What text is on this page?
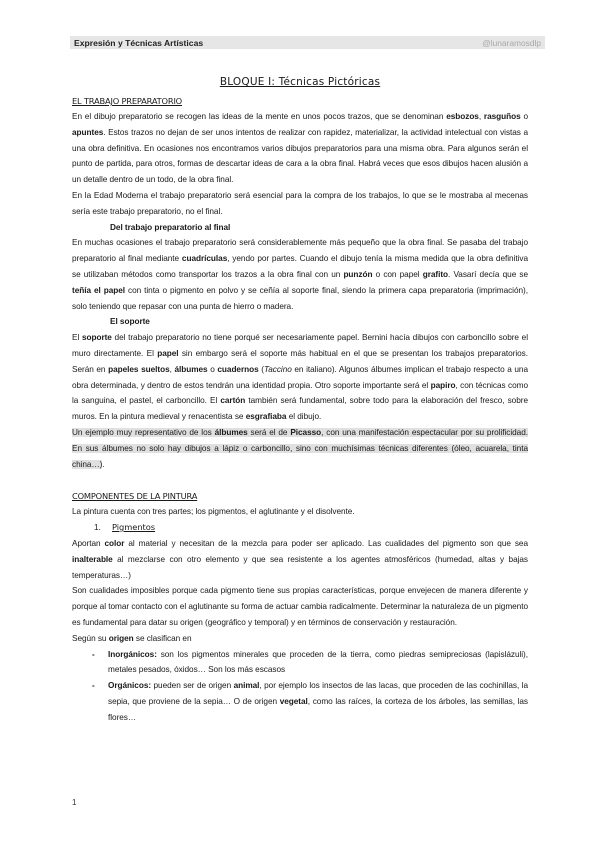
Expresión y Técnicas Artísticas	@lunaramosdlp
BLOQUE I: Técnicas Pictóricas
EL TRABAJO PREPARATORIO

En el dibujo preparatorio se recogen las ideas de la mente en unos pocos trazos, que se denominan esbozos, rasguños o apuntes. Estos trazos no dejan de ser unos intentos de realizar con rapidez, materializar, la actividad intelectual con vistas a una obra definitiva. En ocasiones nos encontramos varios dibujos preparatorios para una misma obra. Para algunos serán el punto de partida, para otros, formas de descartar ideas de cara a la obra final. Habrá veces que esos dibujos hacen alusión a un detalle dentro de un todo, de la obra final.

En la Edad Moderna el trabajo preparatorio será esencial para la compra de los trabajos, lo que se le mostraba al mecenas sería este trabajo preparatorio, no el final.

Del trabajo preparatorio al final

En muchas ocasiones el trabajo preparatorio será considerablemente más pequeño que la obra final. Se pasaba del trabajo preparatorio al final mediante cuadrículas, yendo por partes. Cuando el dibujo tenía la misma medida que la obra definitiva se utilizaban métodos como transportar los trazos a la obra final con un punzón o con papel grafito. Vasarí decía que se teñía el papel con tinta o pigmento en polvo y se ceñía al soporte final, siendo la primera capa preparatoria (imprimación), solo teniendo que repasar con una punta de hierro o madera.

El soporte

El soporte del trabajo preparatorio no tiene porqué ser necesariamente papel. Bernini hacía dibujos con carboncillo sobre el muro directamente. El papel sin embargo será el soporte más habitual en el que se presentan los trabajos preparatorios. Serán en papeles sueltos, álbumes o cuadernos (Taccino en italiano). Algunos álbumes implican el trabajo respecto a una obra determinada, y dentro de estos tendrán una identidad propia. Otro soporte importante será el papiro, con técnicas como la sanguina, el pastel, el carboncillo. El cartón también será fundamental, sobre todo para la elaboración del fresco, sobre muros. En la pintura medieval y renacentista se esgrafiaba el dibujo.

Un ejemplo muy representativo de los álbumes será el de Picasso, con una manifestación espectacular por su prolificidad. En sus álbumes no solo hay dibujos a lápiz o carboncillo, sino con muchísimas técnicas diferentes (óleo, acuarela, tinta china…).

COMPONENTES DE LA PINTURA

La pintura cuenta con tres partes; los pigmentos, el aglutinante y el disolvente.

1. Pigmentos

Aportan color al material y necesitan de la mezcla para poder ser aplicado. Las cualidades del pigmento son que sea inalterable al mezclarse con otro elemento y que sea resistente a los agentes atmosféricos (humedad, altas y bajas temperaturas…)

Son cualidades imposibles porque cada pigmento tiene sus propias características, porque envejecen de manera diferente y porque al tomar contacto con el aglutinante su forma de actuar cambia radicalmente. Determinar la naturaleza de un pigmento es fundamental para datar su origen (geográfico y temporal) y en términos de conservación y restauración.

Según su origen se clasifican en

-	Inorgánicos: son los pigmentos minerales que proceden de la tierra, como piedras semipreciosas (lapislázuli), metales pesados, óxidos… Son los más escasos
-	Orgánicos: pueden ser de origen animal, por ejemplo los insectos de las lacas, que proceden de las cochinillas, la sepia, que proviene de la sepia… O de origen vegetal, como las raíces, la corteza de los árboles, las semillas, las flores…
1
